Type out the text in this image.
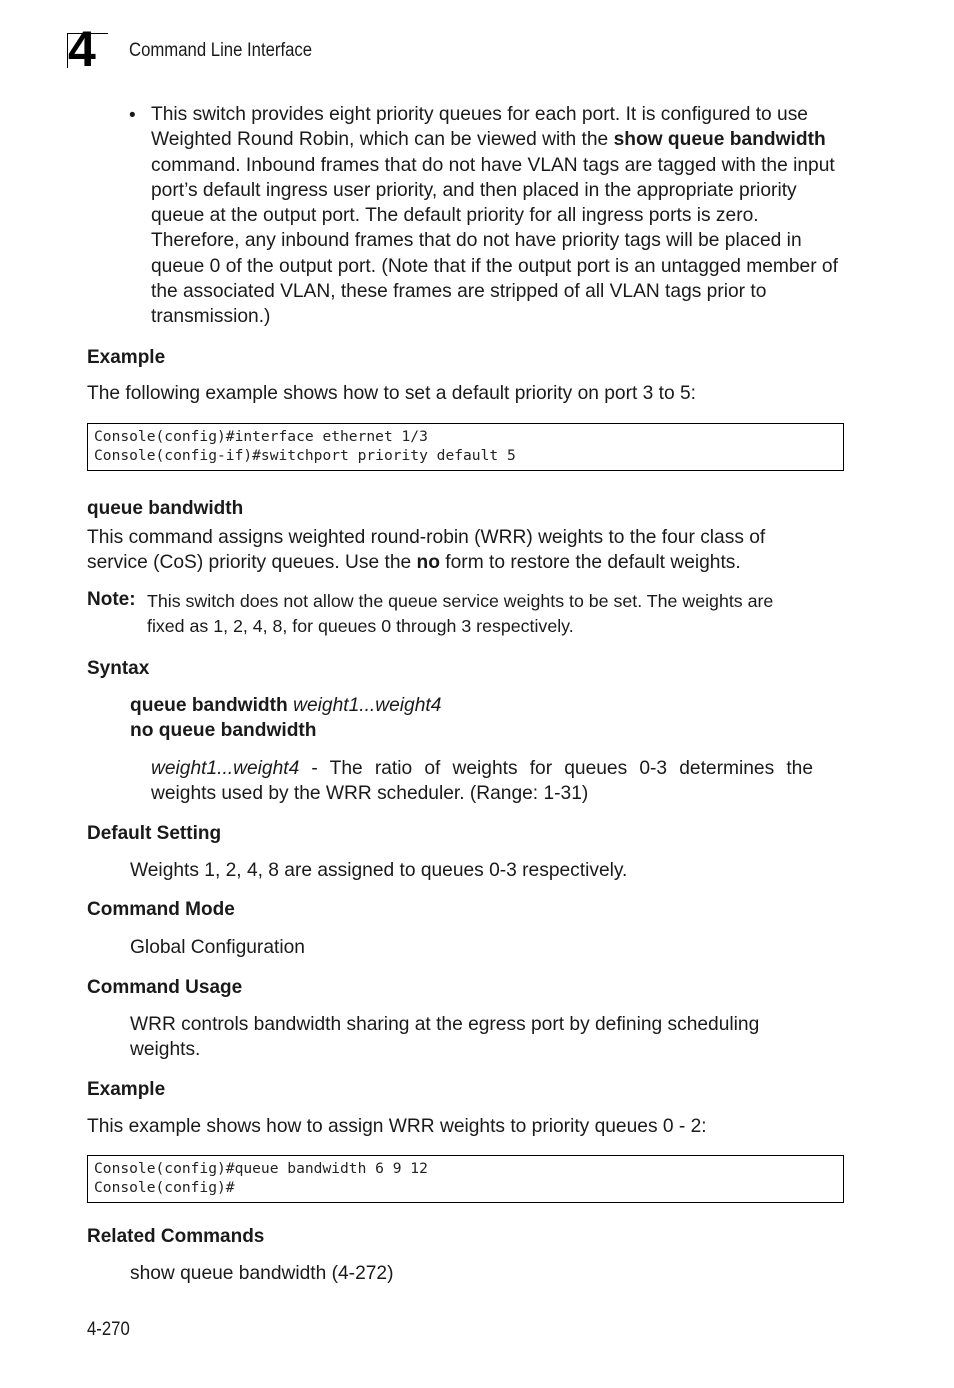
4 Command Line Interface
• This switch provides eight priority queues for each port. It is configured to use Weighted Round Robin, which can be viewed with the show queue bandwidth command. Inbound frames that do not have VLAN tags are tagged with the input port’s default ingress user priority, and then placed in the appropriate priority queue at the output port. The default priority for all ingress ports is zero. Therefore, any inbound frames that do not have priority tags will be placed in queue 0 of the output port. (Note that if the output port is an untagged member of the associated VLAN, these frames are stripped of all VLAN tags prior to transmission.)
Example
The following example shows how to set a default priority on port 3 to 5:
Console(config)#interface ethernet 1/3
Console(config-if)#switchport priority default 5
queue bandwidth
This command assigns weighted round-robin (WRR) weights to the four class of service (CoS) priority queues. Use the no form to restore the default weights.
Note: This switch does not allow the queue service weights to be set. The weights are
fixed as 1, 2, 4, 8, for queues 0 through 3 respectively.
Syntax
queue bandwidth weight1...weight4
no queue bandwidth
weight1...weight4 - The ratio of weights for queues 0-3 determines the weights used by the WRR scheduler. (Range: 1-31)
Default Setting
Weights 1, 2, 4, 8 are assigned to queues 0-3 respectively.
Command Mode
Global Configuration
Command Usage
WRR controls bandwidth sharing at the egress port by defining scheduling weights.
Example
This example shows how to assign WRR weights to priority queues 0 - 2:
Console(config)#queue bandwidth 6 9 12
Console(config)#
Related Commands
show queue bandwidth (4-272)
4-270
